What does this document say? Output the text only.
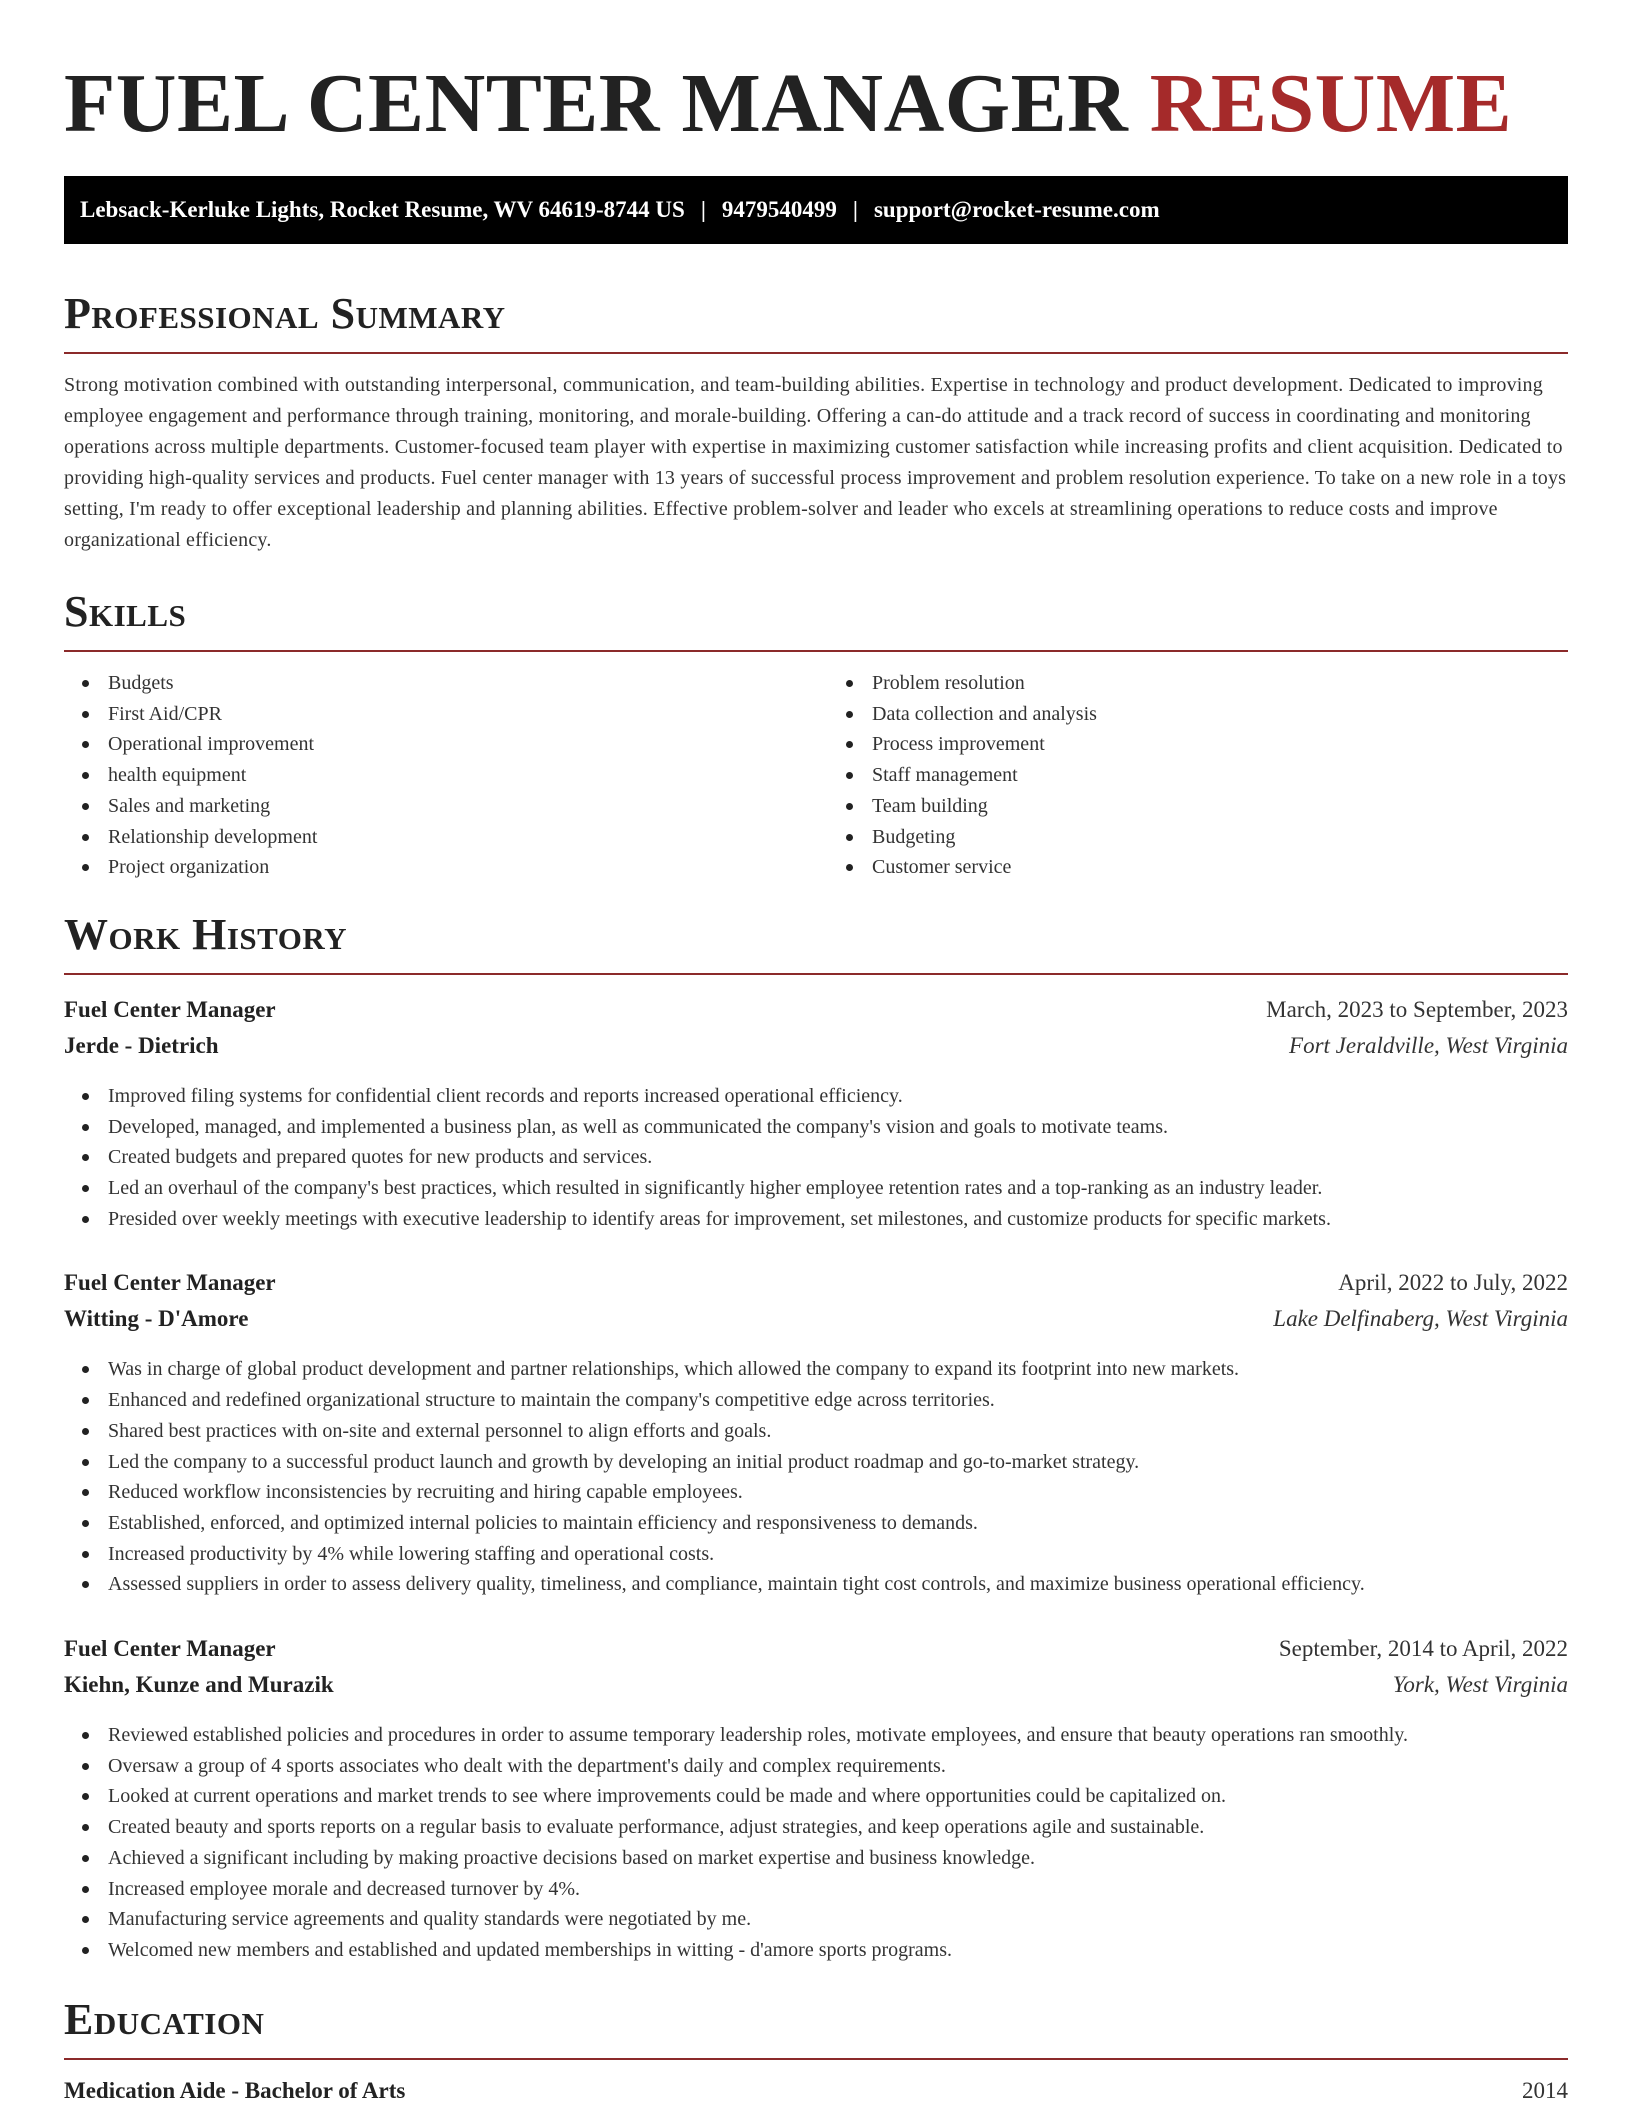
FUEL CENTER MANAGER RESUME
Lebsack-Kerluke Lights, Rocket Resume, WV 64619-8744 US | 9479540499 | support@rocket-resume.com
Professional Summary

Strong motivation combined with outstanding interpersonal, communication, and team-building abilities. Expertise in technology and product development. Dedicated to improving employee engagement and performance through training, monitoring, and morale-building. Offering a can-do attitude and a track record of success in coordinating and monitoring operations across multiple departments. Customer-focused team player with expertise in maximizing customer satisfaction while increasing profits and client acquisition. Dedicated to providing high-quality services and products. Fuel center manager with 13 years of successful process improvement and problem resolution experience. To take on a new role in a toys setting, I'm ready to offer exceptional leadership and planning abilities. Effective problem-solver and leader who excels at streamlining operations to reduce costs and improve organizational efficiency.

Skills
Budgets
First Aid/CPR
Operational improvement
health equipment
Sales and marketing
Relationship development
Project organization
Problem resolution
Data collection and analysis
Process improvement
Staff management
Team building
Budgeting
Customer service
Work History
Fuel Center Manager	March, 2023 to September, 2023
Jerde - Dietrich	Fort Jeraldville, West Virginia
Improved filing systems for confidential client records and reports increased operational efficiency.
Developed, managed, and implemented a business plan, as well as communicated the company's vision and goals to motivate teams.
Created budgets and prepared quotes for new products and services.
Led an overhaul of the company's best practices, which resulted in significantly higher employee retention rates and a top-ranking as an industry leader.
Presided over weekly meetings with executive leadership to identify areas for improvement, set milestones, and customize products for specific markets.
Fuel Center Manager	April, 2022 to July, 2022
Witting - D'Amore	Lake Delfinaberg, West Virginia
Was in charge of global product development and partner relationships, which allowed the company to expand its footprint into new markets.
Enhanced and redefined organizational structure to maintain the company's competitive edge across territories.
Shared best practices with on-site and external personnel to align efforts and goals.
Led the company to a successful product launch and growth by developing an initial product roadmap and go-to-market strategy.
Reduced workflow inconsistencies by recruiting and hiring capable employees.
Established, enforced, and optimized internal policies to maintain efficiency and responsiveness to demands.
Increased productivity by 4% while lowering staffing and operational costs.
Assessed suppliers in order to assess delivery quality, timeliness, and compliance, maintain tight cost controls, and maximize business operational efficiency.
Fuel Center Manager	September, 2014 to April, 2022
Kiehn, Kunze and Murazik	York, West Virginia
Reviewed established policies and procedures in order to assume temporary leadership roles, motivate employees, and ensure that beauty operations ran smoothly.
Oversaw a group of 4 sports associates who dealt with the department's daily and complex requirements.
Looked at current operations and market trends to see where improvements could be made and where opportunities could be capitalized on.
Created beauty and sports reports on a regular basis to evaluate performance, adjust strategies, and keep operations agile and sustainable.
Achieved a significant including by making proactive decisions based on market expertise and business knowledge.
Increased employee morale and decreased turnover by 4%.
Manufacturing service agreements and quality standards were negotiated by me.
Welcomed new members and established and updated memberships in witting - d'amore sports programs.
Education
Medication Aide - Bachelor of Arts	2014
